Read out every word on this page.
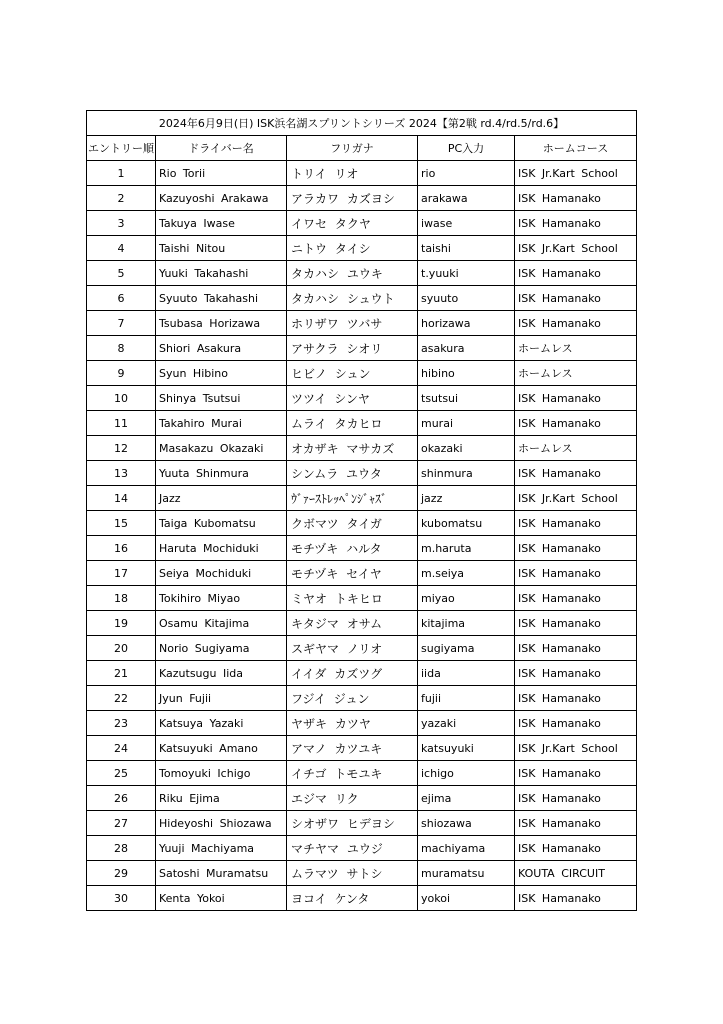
2024年6月9日(日) ISK浜名湖スプリントシリーズ 2024【第2戦 rd.4/rd.5/rd.6】				
エントリー順	ドライバー名	フリガナ	PC入力	ホームコース
1	Rio Torii	トリイ リオ	rio	ISK Jr.Kart School
2	Kazuyoshi Arakawa	アラカワ カズヨシ	arakawa	ISK Hamanako
3	Takuya Iwase	イワセ タクヤ	iwase	ISK Hamanako
4	Taishi Nitou	ニトウ タイシ	taishi	ISK Jr.Kart School
5	Yuuki Takahashi	タカハシ ユウキ	t.yuuki	ISK Hamanako
6	Syuuto Takahashi	タカハシ シュウト	syuuto	ISK Hamanako
7	Tsubasa Horizawa	ホリザワ ツバサ	horizawa	ISK Hamanako
8	Shiori Asakura	アサクラ シオリ	asakura	ホームレス
9	Syun Hibino	ヒビノ シュン	hibino	ホームレス
10	Shinya Tsutsui	ツツイ シンヤ	tsutsui	ISK Hamanako
11	Takahiro Murai	ムライ タカヒロ	murai	ISK Hamanako
12	Masakazu Okazaki	オカザキ マサカズ	okazaki	ホームレス
13	Yuuta Shinmura	シンムラ ユウタ	shinmura	ISK Hamanako
14	Jazz	ｳﾞｧｰｽﾄﾚｯﾍﾟﾝｼﾞｬｽﾞ	jazz	ISK Jr.Kart School
15	Taiga Kubomatsu	クボマツ タイガ	kubomatsu	ISK Hamanako
16	Haruta Mochiduki	モチヅキ ハルタ	m.haruta	ISK Hamanako
17	Seiya Mochiduki	モチヅキ セイヤ	m.seiya	ISK Hamanako
18	Tokihiro Miyao	ミヤオ トキヒロ	miyao	ISK Hamanako
19	Osamu Kitajima	キタジマ オサム	kitajima	ISK Hamanako
20	Norio Sugiyama	スギヤマ ノリオ	sugiyama	ISK Hamanako
21	Kazutsugu Iida	イイダ カズツグ	iida	ISK Hamanako
22	Jyun Fujii	フジイ ジュン	fujii	ISK Hamanako
23	Katsuya Yazaki	ヤザキ カツヤ	yazaki	ISK Hamanako
24	Katsuyuki Amano	アマノ カツユキ	katsuyuki	ISK Jr.Kart School
25	Tomoyuki Ichigo	イチゴ トモユキ	ichigo	ISK Hamanako
26	Riku Ejima	エジマ リク	ejima	ISK Hamanako
27	Hideyoshi Shiozawa	シオザワ ヒデヨシ	shiozawa	ISK Hamanako
28	Yuuji Machiyama	マチヤマ ユウジ	machiyama	ISK Hamanako
29	Satoshi Muramatsu	ムラマツ サトシ	muramatsu	KOUTA CIRCUIT
30	Kenta Yokoi	ヨコイ ケンタ	yokoi	ISK Hamanako
